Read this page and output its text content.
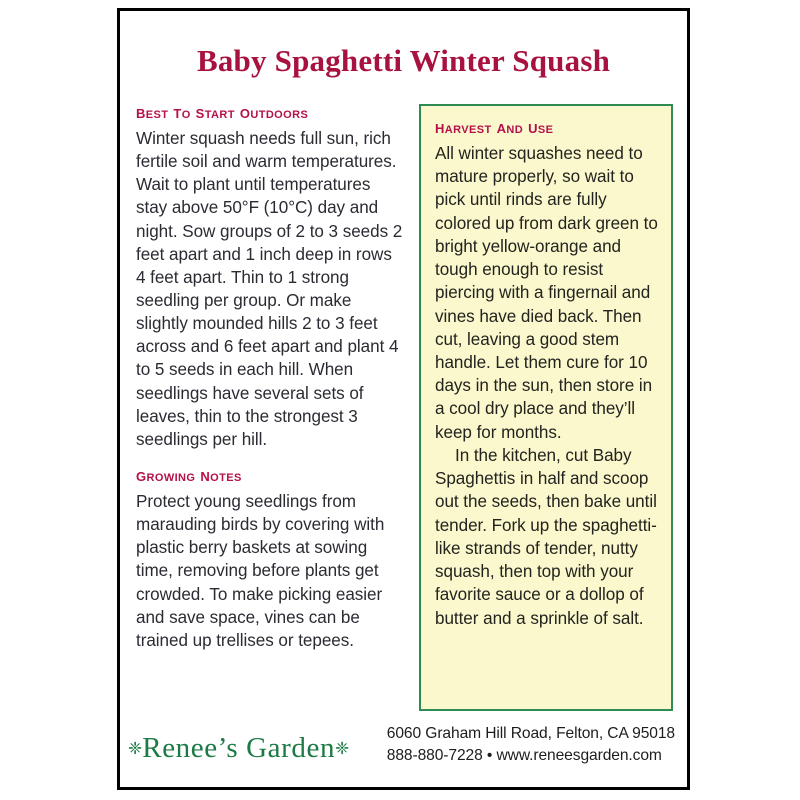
Baby Spaghetti Winter Squash
best to start outdoors

Winter squash needs full sun, rich fertile soil and warm temperatures. Wait to plant until temperatures stay above 50°F (10°C) day and night. Sow groups of 2 to 3 seeds 2 feet apart and 1 inch deep in rows 4 feet apart. Thin to 1 strong seedling per group. Or make slightly mounded hills 2 to 3 feet across and 6 feet apart and plant 4 to 5 seeds in each hill. When seedlings have several sets of leaves, thin to the strongest 3 seedlings per hill.

growing notes

Protect young seedlings from marauding birds by covering with plastic berry baskets at sowing time, removing before plants get crowded. To make picking easier and save space, vines can be trained up trellises or tepees.

harvest and use

All winter squashes need to mature properly, so wait to pick until rinds are fully colored up from dark green to bright yellow-orange and tough enough to resist piercing with a fingernail and vines have died back. Then cut, leaving a good stem handle. Let them cure for 10 days in the sun, then store in a cool dry place and they’ll keep for months.

In the kitchen, cut Baby Spaghettis in half and scoop out the seeds, then bake until tender. Fork up the spaghetti-like strands of tender, nutty squash, then top with your favorite sauce or a dollop of butter and a sprinkle of salt.

❈Renee’s Garden❈
6060 Graham Hill Road, Felton, CA 95018
888-880-7228 • www.reneesgarden.com
